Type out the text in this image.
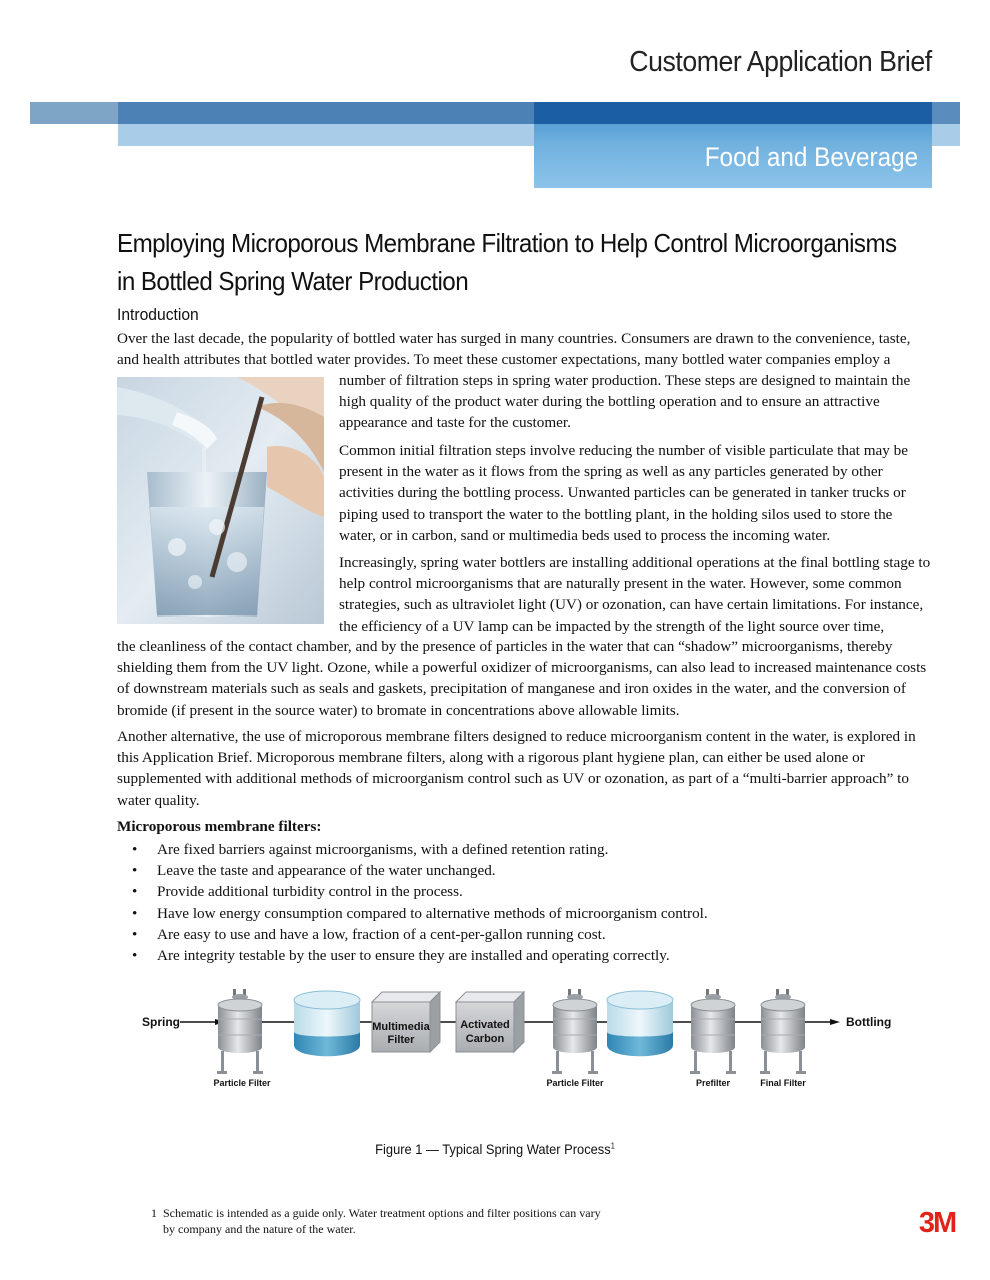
Customer Application Brief
Food and Beverage
Employing Microporous Membrane Filtration to Help Control Microorganisms in Bottled Spring Water Production
Introduction

Over the last decade, the popularity of bottled water has surged in many countries. Consumers are drawn to the convenience, taste, and health attributes that bottled water provides. To meet these customer expectations, many bottled water companies employ a

number of filtration steps in spring water production. These steps are designed to maintain the high quality of the product water during the bottling operation and to ensure an attractive appearance and taste for the customer.

Common initial filtration steps involve reducing the number of visible particulate that may be present in the water as it flows from the spring as well as any particles generated by other activities during the bottling process. Unwanted particles can be generated in tanker trucks or piping used to transport the water to the bottling plant, in the holding silos used to store the water, or in carbon, sand or multimedia beds used to process the incoming water.

Increasingly, spring water bottlers are installing additional operations at the final bottling stage to help control microorganisms that are naturally present in the water. However, some common strategies, such as ultraviolet light (UV) or ozonation, can have certain limitations. For instance, the efficiency of a UV lamp can be impacted by the strength of the light source over time,

the cleanliness of the contact chamber, and by the presence of particles in the water that can “shadow” microorganisms, thereby shielding them from the UV light. Ozone, while a powerful oxidizer of microorganisms, can also lead to increased maintenance costs of downstream materials such as seals and gaskets, precipitation of manganese and iron oxides in the water, and the conversion of bromide (if present in the source water) to bromate in concentrations above allowable limits.

Another alternative, the use of microporous membrane filters designed to reduce microorganism content in the water, is explored in this Application Brief. Microporous membrane filters, along with a rigorous plant hygiene plan, can either be used alone or supplemented with additional methods of microorganism control such as UV or ozonation, as part of a “multi-barrier approach” to water quality.

Microporous membrane filters:
• Are fixed barriers against microorganisms, with a defined retention rating.
• Leave the taste and appearance of the water unchanged.
• Provide additional turbidity control in the process.
• Have low energy consumption compared to alternative methods of microorganism control.
• Are easy to use and have a low, fraction of a cent-per-gallon running cost.
• Are integrity testable by the user to ensure they are installed and operating correctly.
Spring	Bottling
Particle Filter
Multimedia
Filter
Activated
Carbon
Particle Filter	Prefilter	Final Filter
Figure 1 — Typical Spring Water Process$^1$
1 Schematic is intended as a guide only. Water treatment options and filter positions can vary by company and the nature of the water.	3M
